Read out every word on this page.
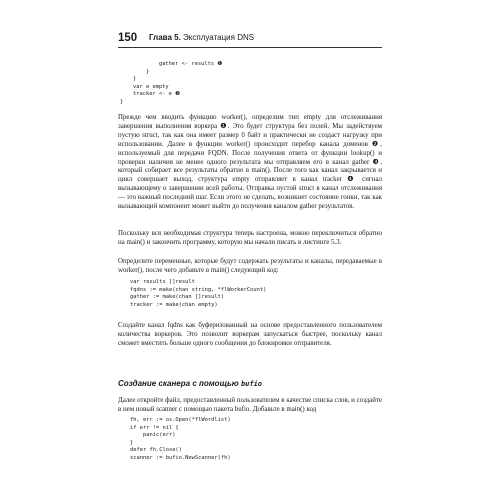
150 Глава 5. Эксплуатация DNS
gather <- results ❶
}
}
var e empty
tracker <- e ❷
}

Прежде чем вводить функцию worker(), определим тип empty для отслеживания завершения выполнения воркера ❶. Это будет структура без полей. Мы задействуем пустую struct, так как она имеет размер 0 байт и практически не создаст нагрузку при использовании. Далее в функции worker() происходит перебор канала доменов ❷, используемый для передачи FQDN. После получения ответа от функции lookup() и проверки наличия не менее одного результата мы отправляем его в канал gather ❸, который собирает все результаты обратно в main(). После того как канал закрывается и цикл совершает выход, структура empty отправляет в канал tracker ❹ сигнал вызывающему о завершении всей работы. Отправка пустой struct в канал отслеживания — это важный последний шаг. Если этого не сделать, возникнет состояние гонки, так как вызывающий компонент может выйти до получения каналом gather результатов.

Поскольку вся необходимая структура теперь настроена, можно переключиться обратно на main() и закончить программу, которую мы начали писать в листинге 5.3.

Определите переменные, которые будут содержать результаты и каналы, передаваемые в worker(), после чего добавьте в main() следующий код:

var results []result
fqdns := make(chan string, *flWorkerCount)
gather := make(chan []result)
tracker := make(chan empty)

Создайте канал fqdns как буферизованный на основе предоставленного пользователем количества воркеров. Это позволит воркерам запускаться быстрее, поскольку канал сможет вместить больше одного сообщения до блокировки отправителя.

Создание сканера с помощью bufio

Далее откройте файл, предоставленный пользователем в качестве списка слов, и создайте в нем новый scanner с помощью пакета bufio. Добавьте в main() код

fh, err := os.Open(*flWordlist)
if err != nil {
panic(err)
}
defer fh.Close()
scanner := bufio.NewScanner(fh)
